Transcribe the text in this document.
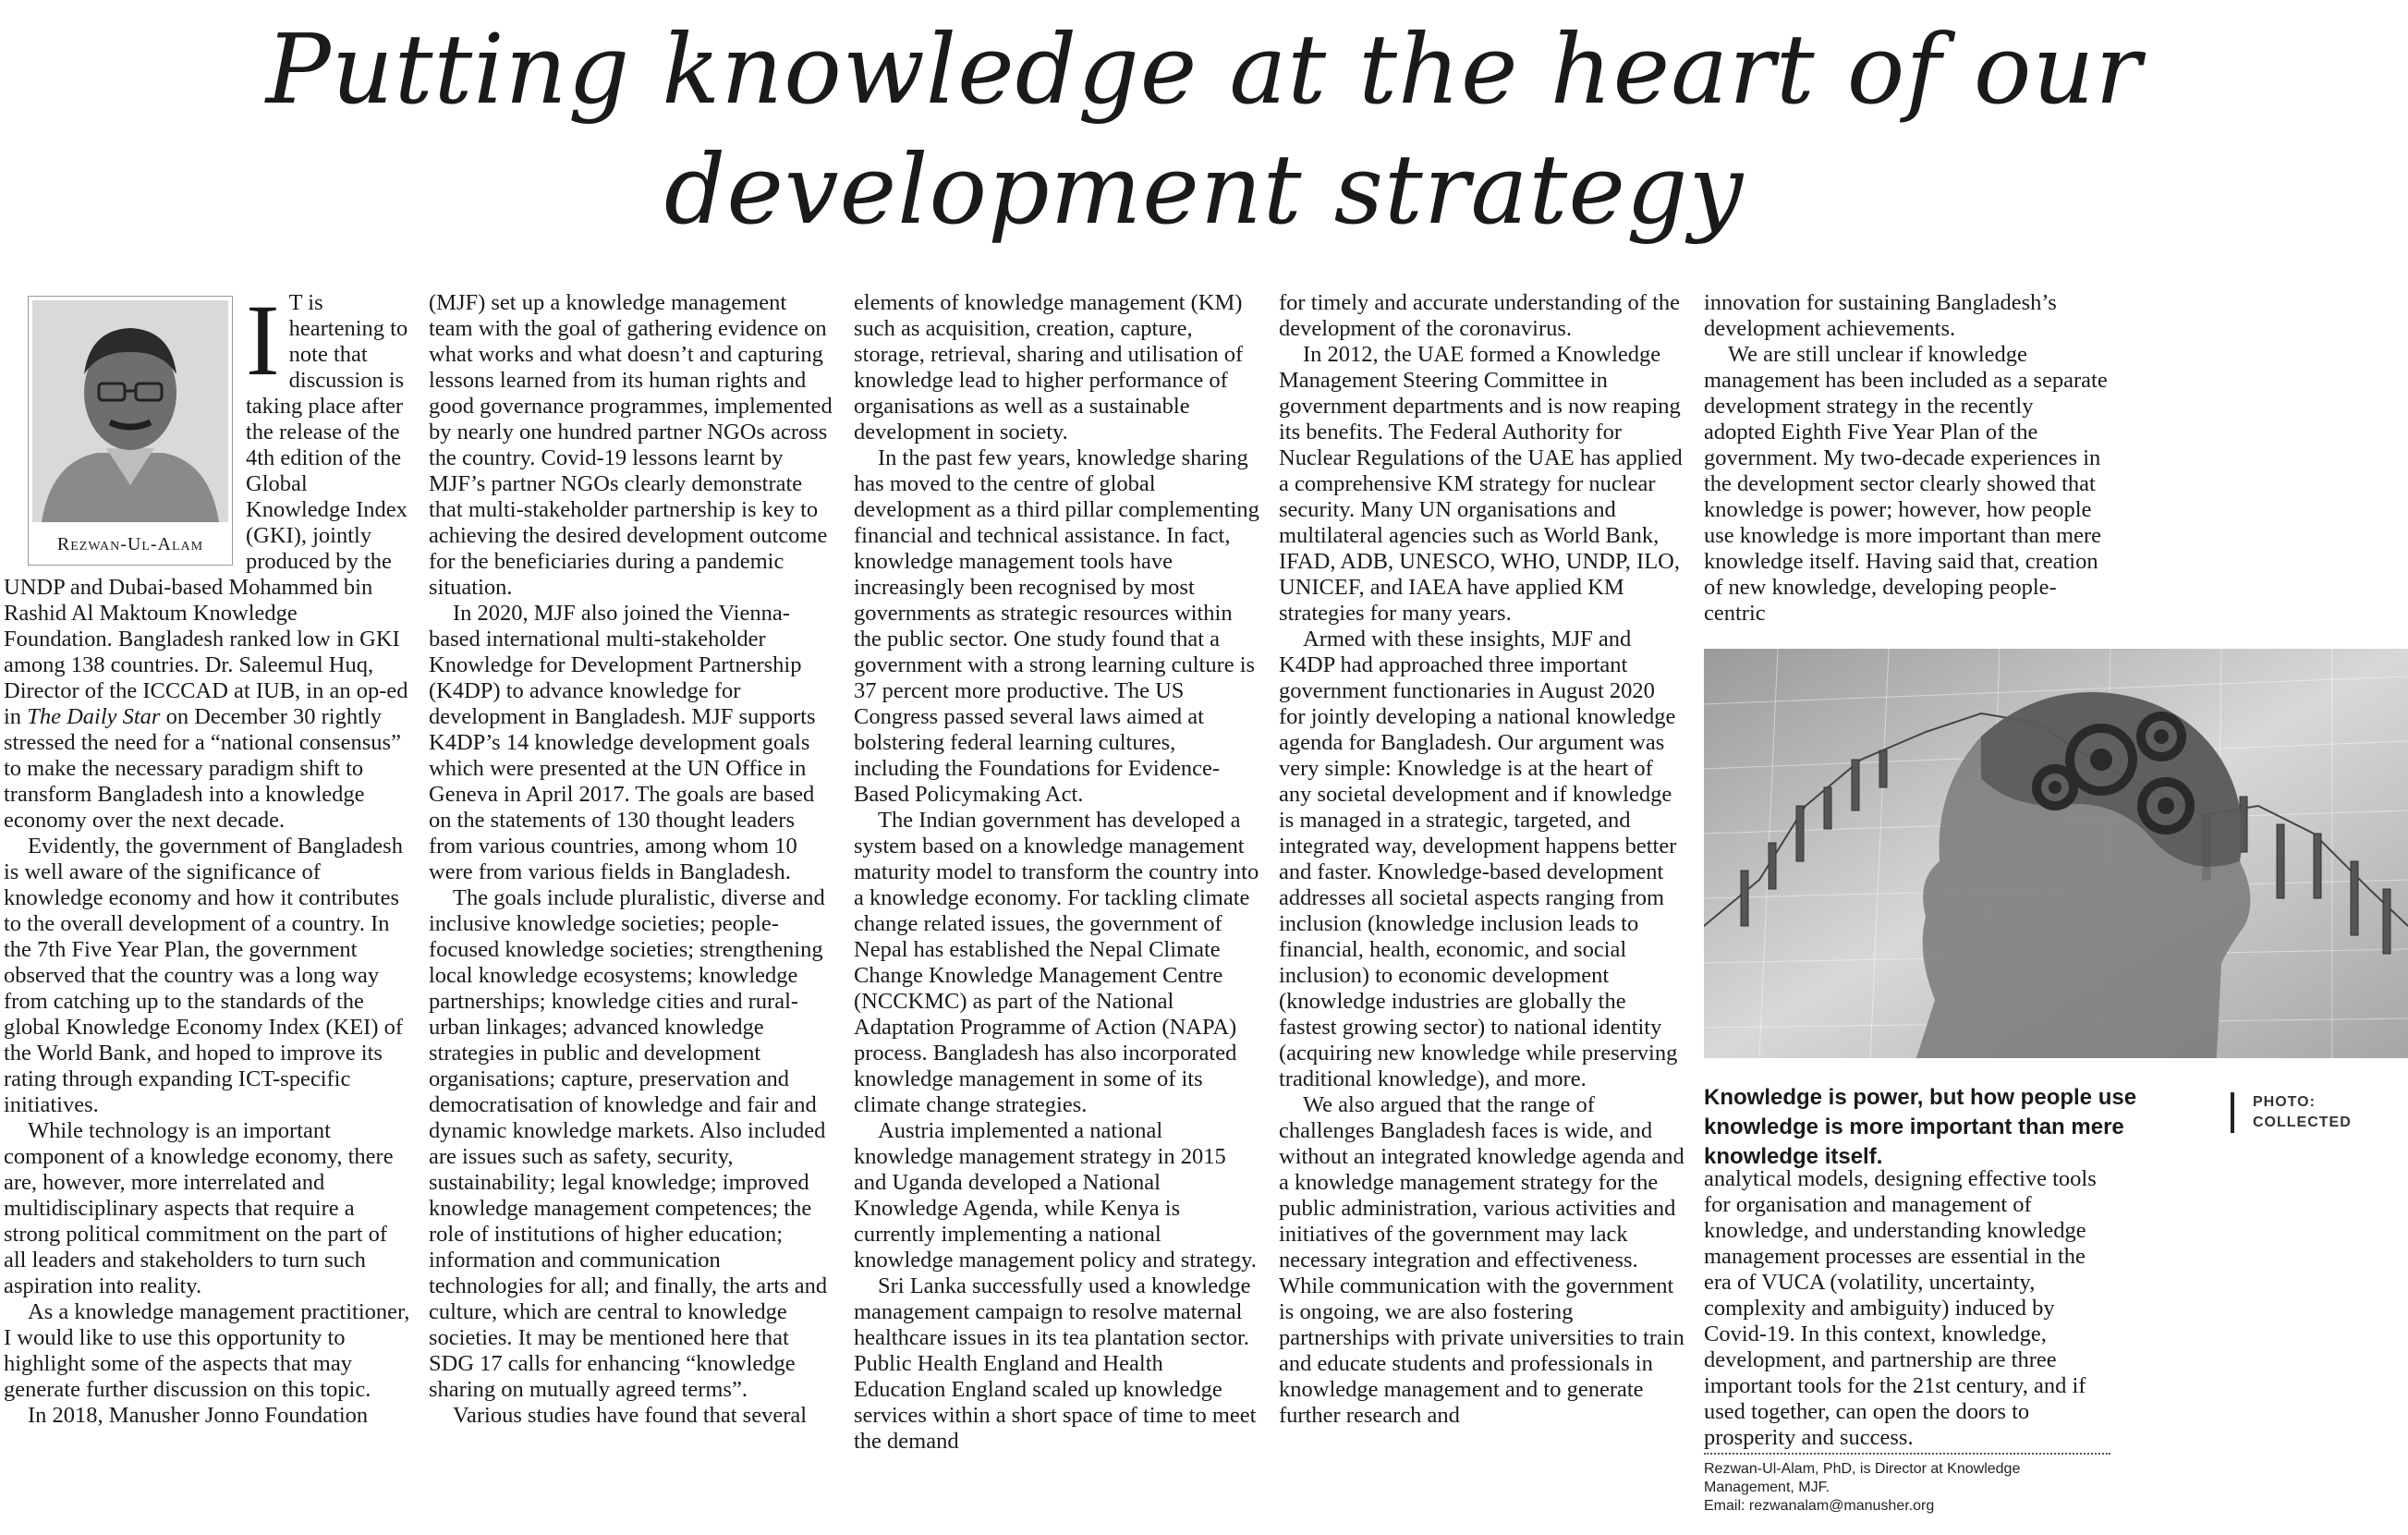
Putting knowledge at the heart of our
development strategy
Rezwan-Ul-Alam

I T is heartening to note that discussion is taking place after the release of the 4th edition of the Global Knowledge Index (GKI), jointly produced by the UNDP and Dubai-based Mohammed bin Rashid Al Maktoum Knowledge Foundation. Bangladesh ranked low in GKI among 138 countries. Dr. Saleemul Huq, Director of the ICCCAD at IUB, in an op-ed in The Daily Star on December 30 rightly stressed the need for a “national consensus” to make the necessary paradigm shift to transform Bangladesh into a knowledge economy over the next decade.

Evidently, the government of Bangladesh is well aware of the significance of knowledge economy and how it contributes to the overall development of a country. In the 7th Five Year Plan, the government observed that the country was a long way from catching up to the standards of the global Knowledge Economy Index (KEI) of the World Bank, and hoped to improve its rating through expanding ICT-specific initiatives.

While technology is an important component of a knowledge economy, there are, however, more interrelated and multidisciplinary aspects that require a strong political commitment on the part of all leaders and stakeholders to turn such aspiration into reality.

As a knowledge management practitioner, I would like to use this opportunity to highlight some of the aspects that may generate further discussion on this topic.

In 2018, Manusher Jonno Foundation

(MJF) set up a knowledge management team with the goal of gathering evidence on what works and what doesn’t and capturing lessons learned from its human rights and good governance programmes, implemented by nearly one hundred partner NGOs across the country. Covid-19 lessons learnt by MJF’s partner NGOs clearly demonstrate that multi-stakeholder partnership is key to achieving the desired development outcome for the beneficiaries during a pandemic situation.

In 2020, MJF also joined the Vienna-based international multi-stakeholder Knowledge for Development Partnership (K4DP) to advance knowledge for development in Bangladesh. MJF supports K4DP’s 14 knowledge development goals which were presented at the UN Office in Geneva in April 2017. The goals are based on the statements of 130 thought leaders from various countries, among whom 10 were from various fields in Bangladesh.

The goals include pluralistic, diverse and inclusive knowledge societies; people-focused knowledge societies; strengthening local knowledge ecosystems; knowledge partnerships; knowledge cities and rural-urban linkages; advanced knowledge strategies in public and development organisations; capture, preservation and democratisation of knowledge and fair and dynamic knowledge markets. Also included are issues such as safety, security, sustainability; legal knowledge; improved knowledge management competences; the role of institutions of higher education; information and communication technologies for all; and finally, the arts and culture, which are central to knowledge societies. It may be mentioned here that SDG 17 calls for enhancing “knowledge sharing on mutually agreed terms”.

Various studies have found that several

elements of knowledge management (KM) such as acquisition, creation, capture, storage, retrieval, sharing and utilisation of knowledge lead to higher performance of organisations as well as a sustainable development in society.

In the past few years, knowledge sharing has moved to the centre of global development as a third pillar complementing financial and technical assistance. In fact, knowledge management tools have increasingly been recognised by most governments as strategic resources within the public sector. One study found that a government with a strong learning culture is 37 percent more productive. The US Congress passed several laws aimed at bolstering federal learning cultures, including the Foundations for Evidence-Based Policymaking Act.

The Indian government has developed a system based on a knowledge management maturity model to transform the country into a knowledge economy. For tackling climate change related issues, the government of Nepal has established the Nepal Climate Change Knowledge Management Centre (NCCKMC) as part of the National Adaptation Programme of Action (NAPA) process. Bangladesh has also incorporated knowledge management in some of its climate change strategies.

Austria implemented a national knowledge management strategy in 2015 and Uganda developed a National Knowledge Agenda, while Kenya is currently implementing a national knowledge management policy and strategy.

Sri Lanka successfully used a knowledge management campaign to resolve maternal healthcare issues in its tea plantation sector. Public Health England and Health Education England scaled up knowledge services within a short space of time to meet the demand

for timely and accurate understanding of the development of the coronavirus.

In 2012, the UAE formed a Knowledge Management Steering Committee in government departments and is now reaping its benefits. The Federal Authority for Nuclear Regulations of the UAE has applied a comprehensive KM strategy for nuclear security. Many UN organisations and multilateral agencies such as World Bank, IFAD, ADB, UNESCO, WHO, UNDP, ILO, UNICEF, and IAEA have applied KM strategies for many years.

Armed with these insights, MJF and K4DP had approached three important government functionaries in August 2020 for jointly developing a national knowledge agenda for Bangladesh. Our argument was very simple: Knowledge is at the heart of any societal development and if knowledge is managed in a strategic, targeted, and integrated way, development happens better and faster. Knowledge-based development addresses all societal aspects ranging from inclusion (knowledge inclusion leads to financial, health, economic, and social inclusion) to economic development (knowledge industries are globally the fastest growing sector) to national identity (acquiring new knowledge while preserving traditional knowledge), and more.

We also argued that the range of challenges Bangladesh faces is wide, and without an integrated knowledge agenda and a knowledge management strategy for the public administration, various activities and initiatives of the government may lack necessary integration and effectiveness. While communication with the government is ongoing, we are also fostering partnerships with private universities to train and educate students and professionals in knowledge management and to generate further research and

innovation for sustaining Bangladesh’s development achievements.

We are still unclear if knowledge management has been included as a separate development strategy in the recently adopted Eighth Five Year Plan of the government. My two-decade experiences in the development sector clearly showed that knowledge is power; however, how people use knowledge is more important than mere knowledge itself. Having said that, creation of new knowledge, developing people-centric

Knowledge is power, but how people use knowledge is more important than mere knowledge itself.
PHOTO:
COLLECTED

analytical models, designing effective tools for organisation and management of knowledge, and understanding knowledge management processes are essential in the era of VUCA (volatility, uncertainty, complexity and ambiguity) induced by Covid-19. In this context, knowledge, development, and partnership are three important tools for the 21st century, and if used together, can open the doors to prosperity and success.

Rezwan-Ul-Alam, PhD, is Director at Knowledge Management, MJF.
Email: rezwanalam@manusher.org
